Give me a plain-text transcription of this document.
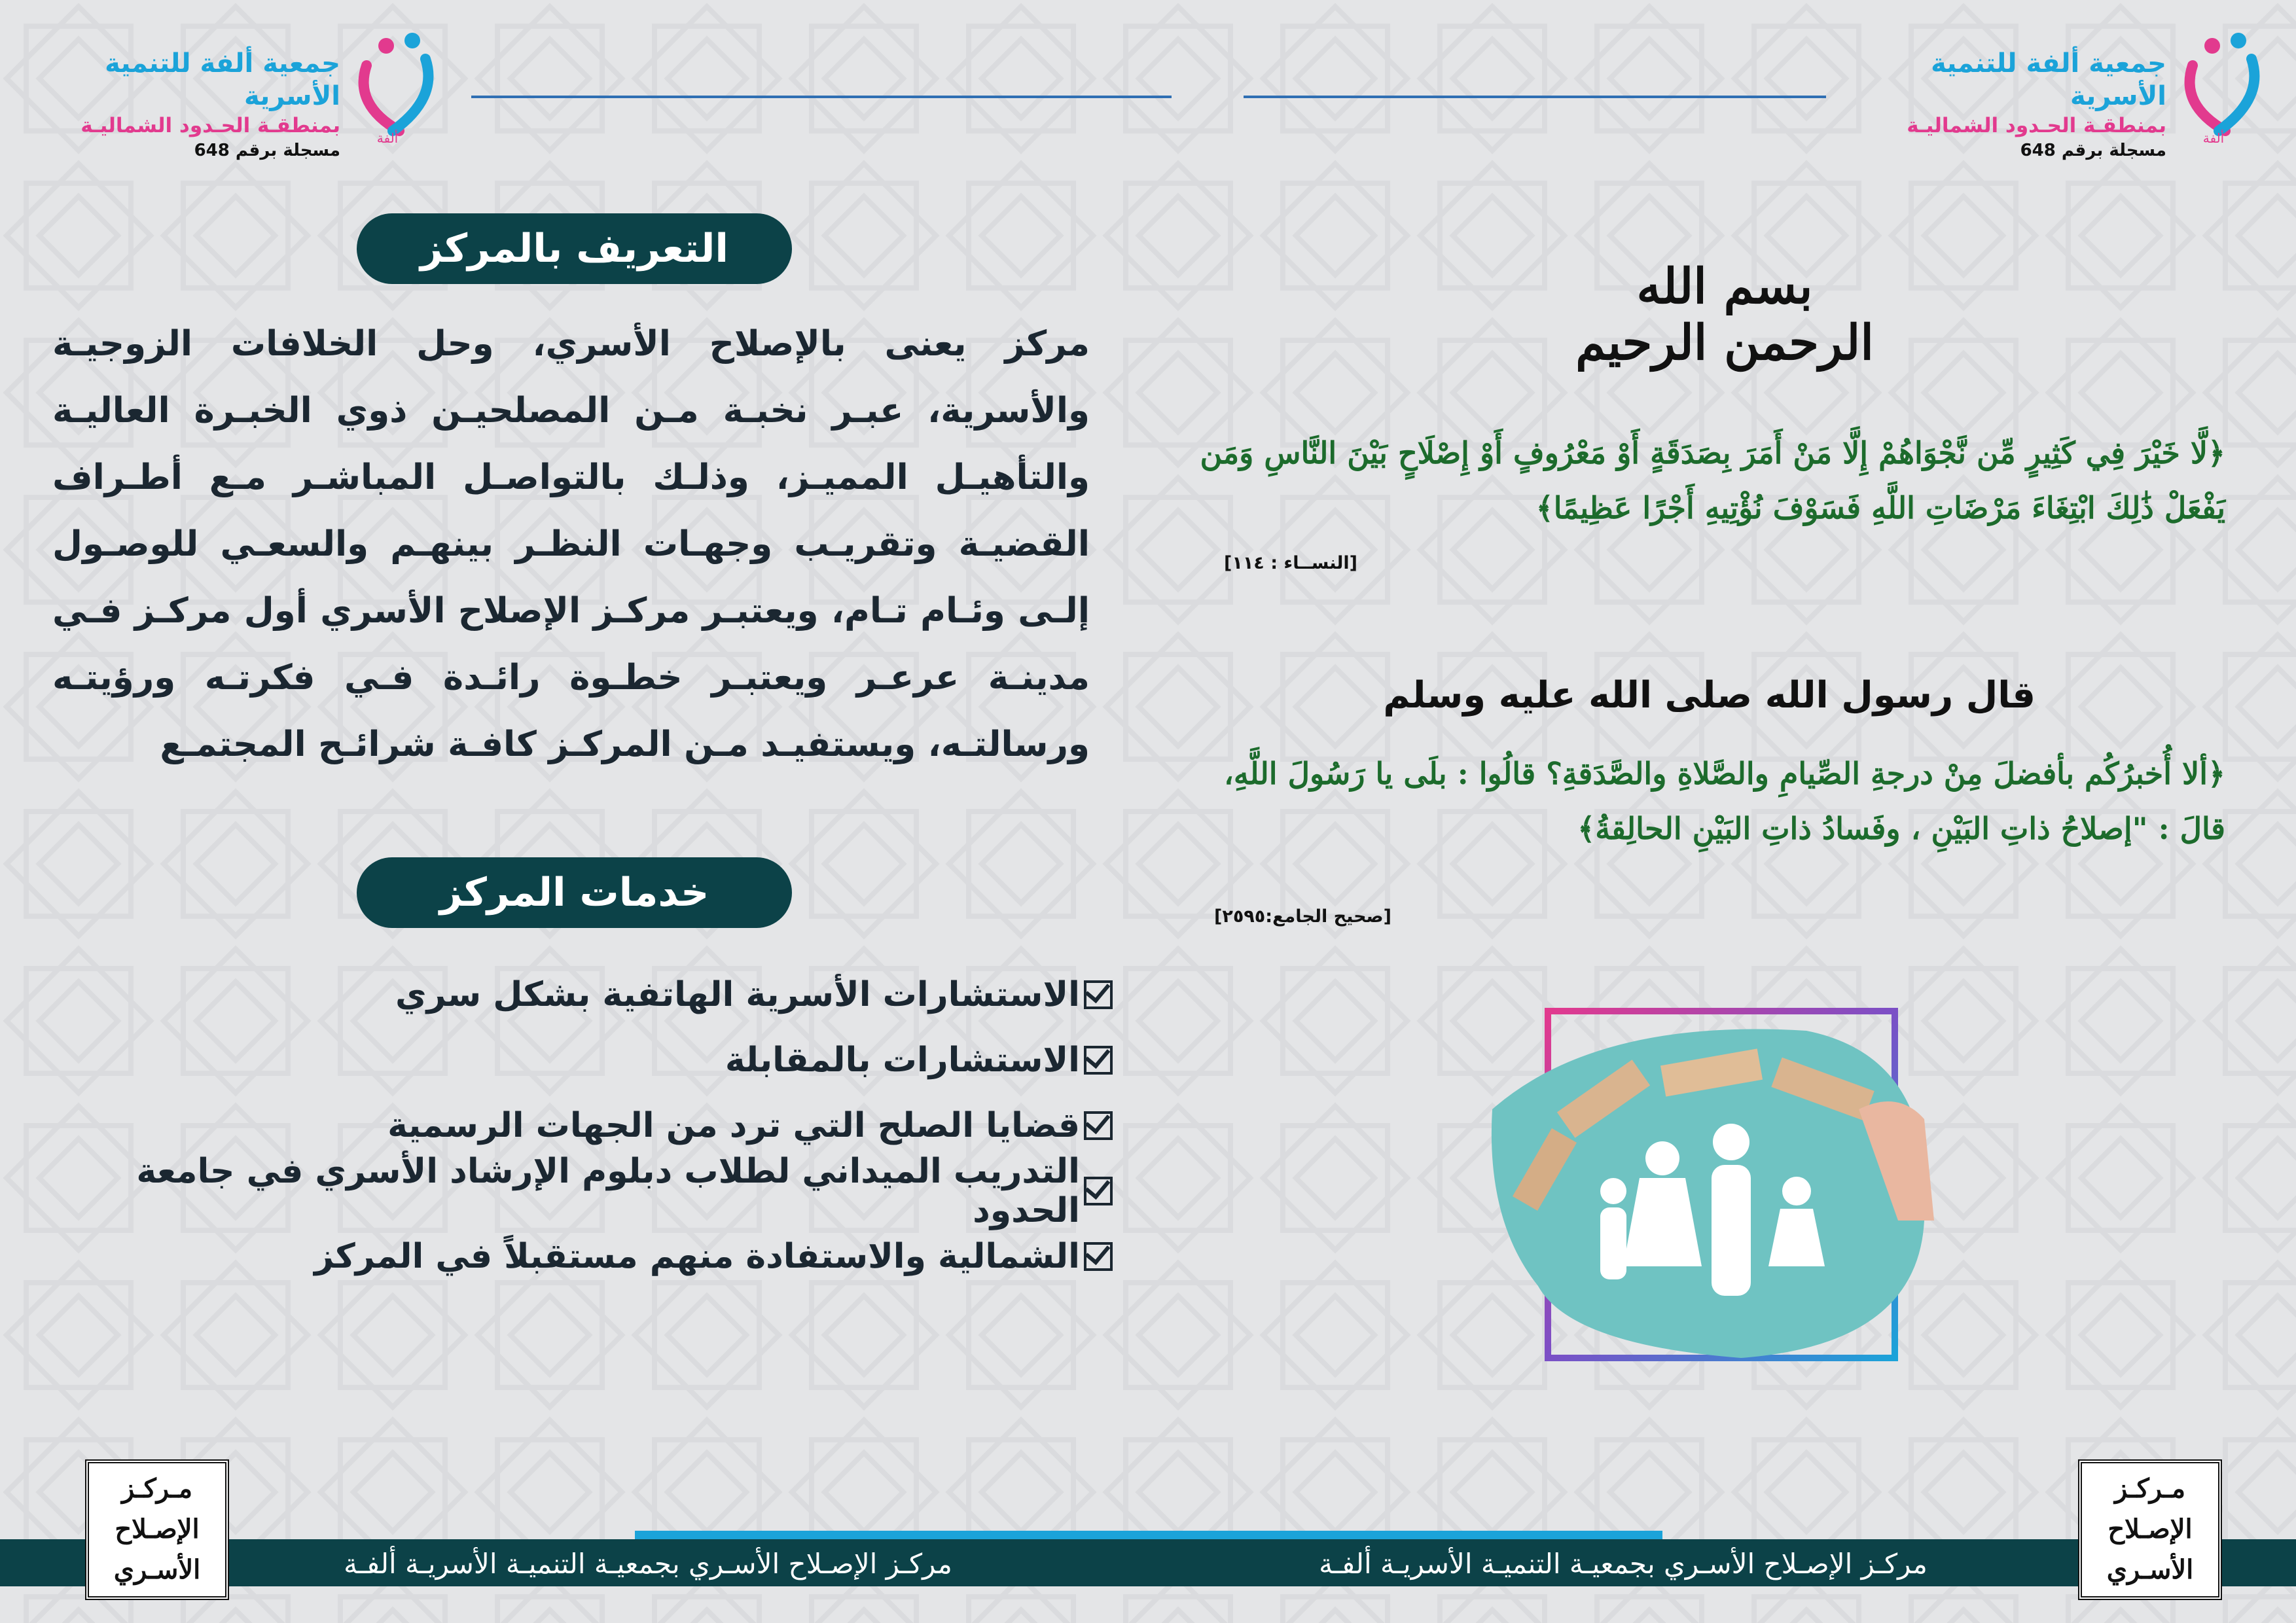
ألفة
جمعية ألفة للتنمية الأسرية
بمنطقـة الحـدود الشماليـة
مسجلة برقم 648
ألفة
جمعية ألفة للتنمية الأسرية
بمنطقـة الحـدود الشماليـة
مسجلة برقم 648
التعريف بالمركز
مركز يعنى بالإصلاح الأسري، وحل الخلافات الزوجيـة والأسرية، عبـر نخبـة مـن المصلحيـن ذوي الخبـرة العاليـة والتأهيـل المميـز، وذلـك بالتواصـل المباشـر مـع أطـراف القضيـة وتقريـب وجهـات النظـر بينهـم والسعـي للوصـول إلـى وئـام تـام، ويعتبـر مركـز الإصلاح الأسري أول مركـز فـي مدينـة عرعـر ويعتبـر خطـوة رائـدة فـي فكرتـه ورؤيتـه ورسالتـه، ويستفيـد مـن المركـز كافـة شرائـح المجتمـع
خدمات المركز
الاستشارات الأسرية الهاتفية بشكل سري
الاستشارات بالمقابلة
قضايا الصلح التي ترد من الجهات الرسمية
التدريب الميداني لطلاب دبلوم الإرشاد الأسري في جامعة الحدود
الشمالية والاستفادة منهم مستقبلاً في المركز
بسم الله الرحمن الرحيم
﴿لَّا خَيْرَ فِي كَثِيرٍ مِّن نَّجْوَاهُمْ إِلَّا مَنْ أَمَرَ بِصَدَقَةٍ أَوْ مَعْرُوفٍ أَوْ إِصْلَاحٍ بَيْنَ النَّاسِ وَمَن يَفْعَلْ ذَٰلِكَ ابْتِغَاءَ مَرْضَاتِ اللَّهِ فَسَوْفَ نُؤْتِيهِ أَجْرًا عَظِيمًا﴾
[النســاء : ١١٤]
قال رسول الله صلى الله عليه وسلم
﴿ألا أُخبرُكُم بأفضلَ مِنْ درجةِ الصِّيامِ والصَّلاةِ والصَّدَقةِ؟ قالُوا : بلَى يا رَسُولَ اللَّهِ، قالَ : "إصلاحُ ذاتِ البَيْنِ ، وفَسادُ ذاتِ البَيْنِ الحالِقةُ﴾
[صحيح الجامع:٢٥٩٥]
مركـز الإصـلاح الأسـري بجمعيـة التنميـة الأسريـة ألفـة	مركـز الإصـلاح الأسـري بجمعيـة التنميـة الأسريـة ألفـة
مـركـز
الإصـلاح
الأسـري
مـركـز
الإصـلاح
الأسـري
